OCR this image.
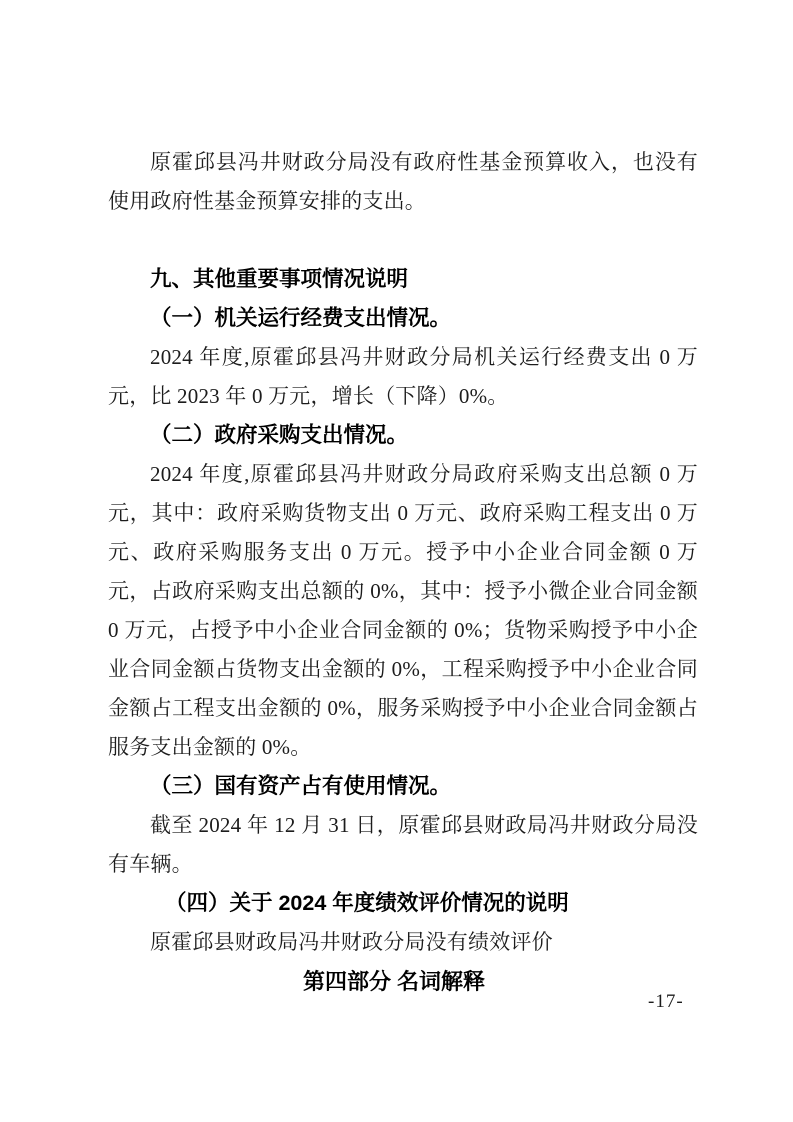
原霍邱县冯井财政分局没有政府性基金预算收入，也没有使用政府性基金预算安排的支出。

九、其他重要事项情况说明
（一）机关运行经费支出情况。

2024 年度,原霍邱县冯井财政分局机关运行经费支出 0 万元，比 2023 年 0 万元，增长（下降）0%。

（二）政府采购支出情况。

2024 年度,原霍邱县冯井财政分局政府采购支出总额 0 万元，其中：政府采购货物支出 0 万元、政府采购工程支出 0 万元、政府采购服务支出 0 万元。授予中小企业合同金额 0 万元，占政府采购支出总额的 0%，其中：授予小微企业合同金额 0 万元，占授予中小企业合同金额的 0%；货物采购授予中小企业合同金额占货物支出金额的 0%，工程采购授予中小企业合同金额占工程支出金额的 0%，服务采购授予中小企业合同金额占服务支出金额的 0%。

（三）国有资产占有使用情况。

截至 2024 年 12 月 31 日，原霍邱县财政局冯井财政分局没有车辆。

（四）关于 2024 年度绩效评价情况的说明

原霍邱县财政局冯井财政分局没有绩效评价

第四部分 名词解释
-17-
